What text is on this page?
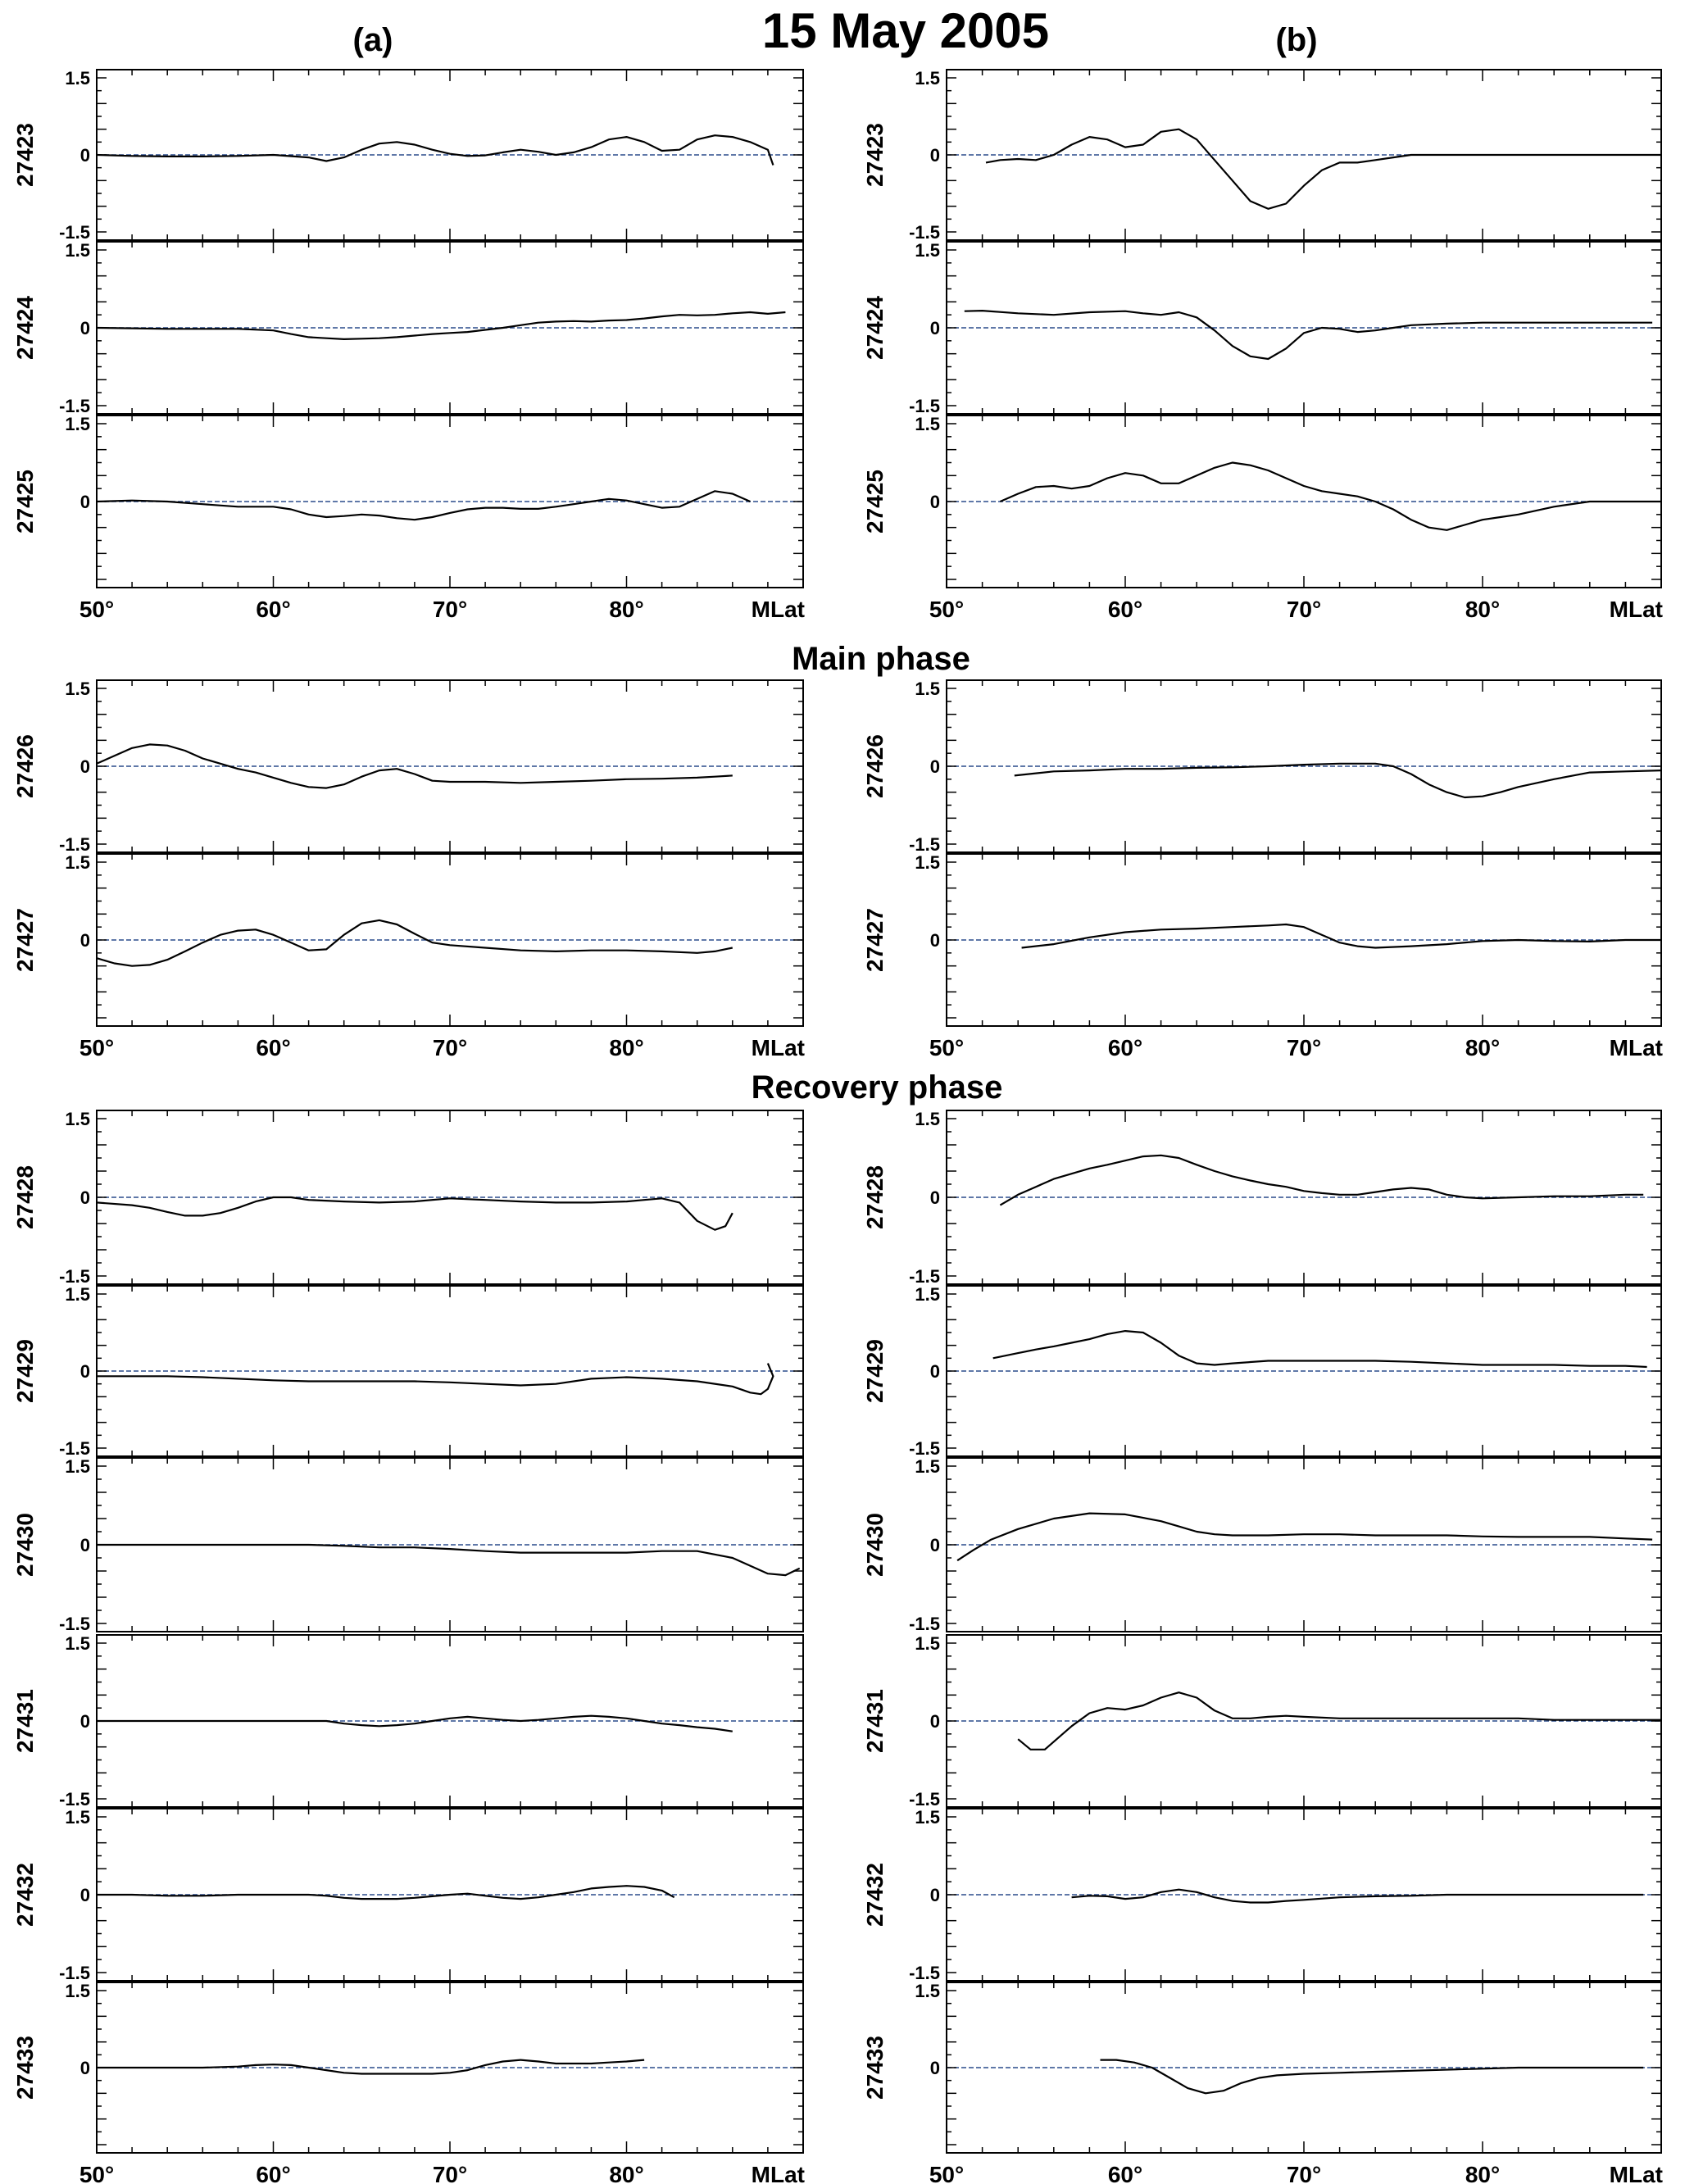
15 May 2005
(a)	(b)
Main phase
Recovery phase
1.5
0
-1.5
27423
1.5
0
-1.5
27424
1.5
0
27425
50°	60°	70°	80°	MLat
1.5
0
-1.5
27426
1.5
0
27427
50°	60°	70°	80°	MLat
1.5
0
-1.5
27428
1.5
0
-1.5
27429
1.5
0
-1.5
27430
1.5
0
-1.5
27431
1.5
0
-1.5
27432
1.5
0
27433
50°	60°	70°	80°	MLat
1.5
0
-1.5
27423
1.5
0
-1.5
27424
1.5
0
27425
50°	60°	70°	80°	MLat
1.5
0
-1.5
27426
1.5
0
27427
50°	60°	70°	80°	MLat
1.5
0
-1.5
27428
1.5
0
-1.5
27429
1.5
0
-1.5
27430
1.5
0
-1.5
27431
1.5
0
-1.5
27432
1.5
0
27433
50°	60°	70°	80°	MLat
